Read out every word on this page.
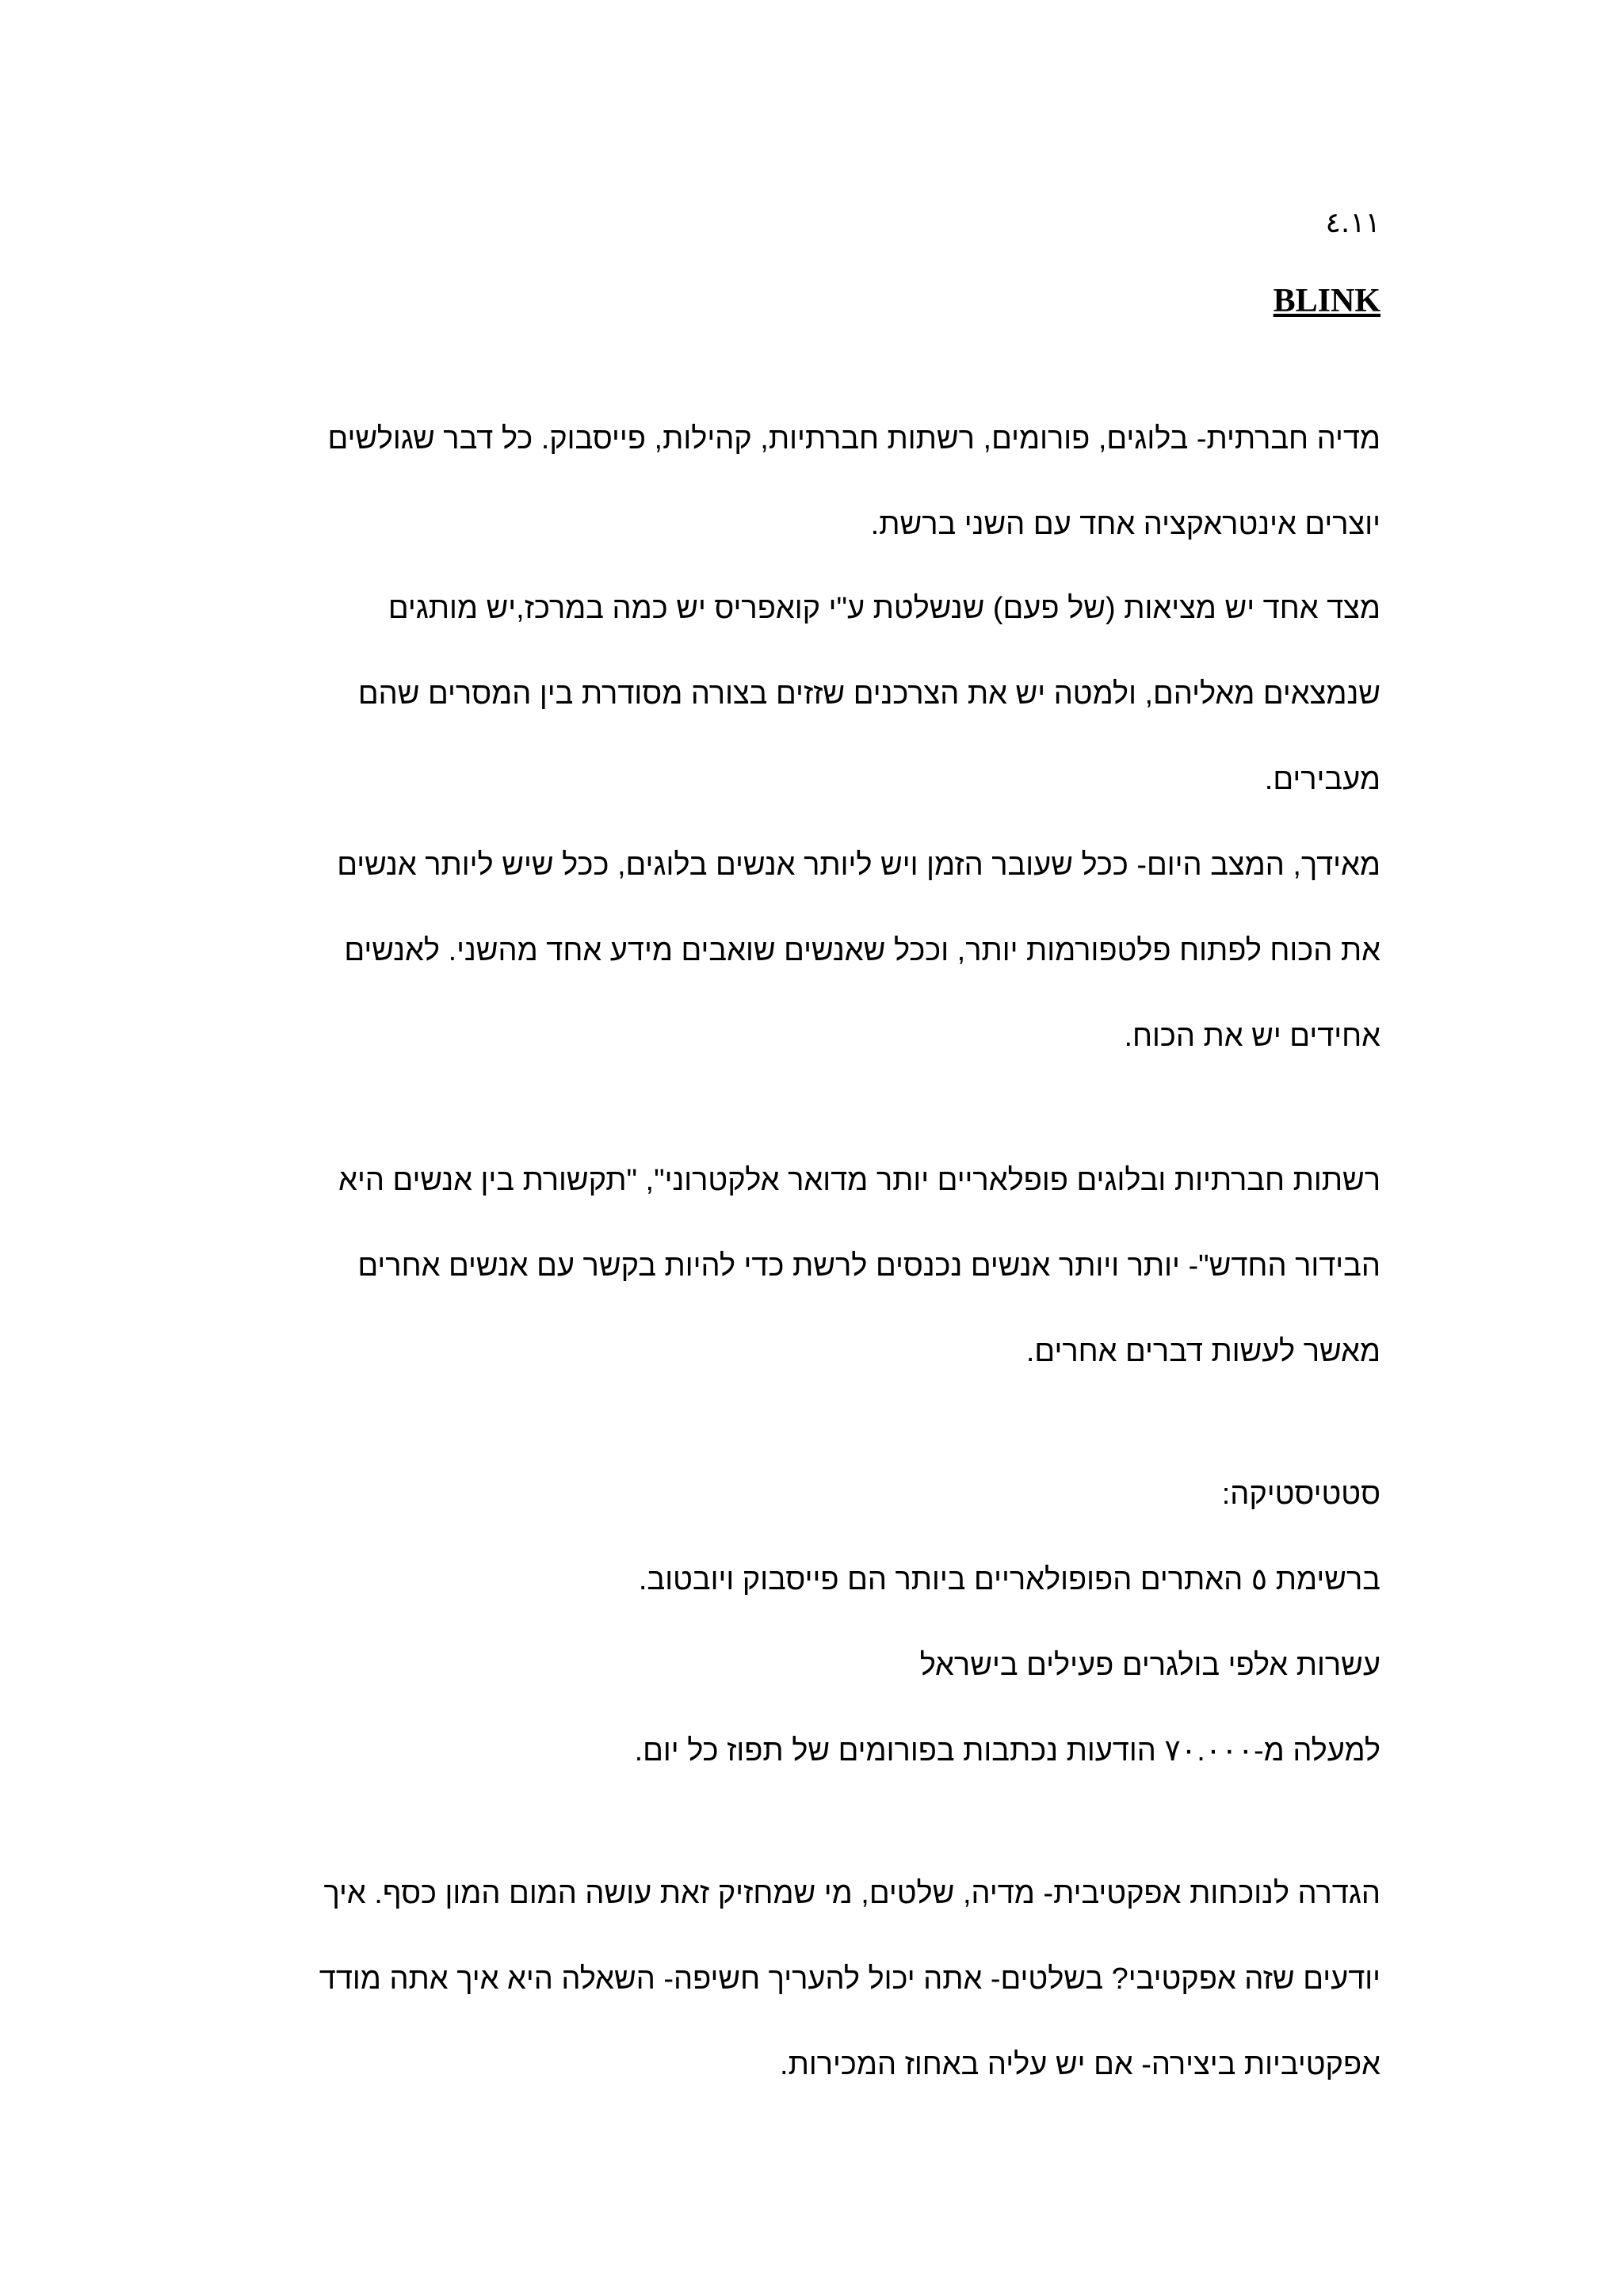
٤.١١
BLINK
מדיה חברתית- בלוגים, פורומים, רשתות חברתיות, קהילות, פייסבוק. כל דבר שגולשים
יוצרים אינטראקציה אחד עם השני ברשת.
מצד אחד יש מציאות (של פעם) שנשלטת ע"י קואפריס יש כמה במרכז,יש מותגים
שנמצאים מאליהם, ולמטה יש את הצרכנים שזזים בצורה מסודרת בין המסרים שהם
מעבירים.
מאידך, המצב היום- ככל שעובר הזמן ויש ליותר אנשים בלוגים, ככל שיש ליותר אנשים
את הכוח לפתוח פלטפורמות יותר, וככל שאנשים שואבים מידע אחד מהשני. לאנשים
אחידים יש את הכוח.
רשתות חברתיות ובלוגים פופלאריים יותר מדואר אלקטרוני", "תקשורת בין אנשים היא
הבידור החדש"- יותר ויותר אנשים נכנסים לרשת כדי להיות בקשר עם אנשים אחרים
מאשר לעשות דברים אחרים.
סטטיסטיקה:
ברשימת ٥ האתרים הפופולאריים ביותר הם פייסבוק ויובטוב.
עשרות אלפי בולגרים פעילים בישראל
למעלה מ-٧٠.٠٠٠ הודעות נכתבות בפורומים של תפוז כל יום.
הגדרה לנוכחות אפקטיבית- מדיה, שלטים, מי שמחזיק זאת עושה המום המון כסף. איך
יודעים שזה אפקטיבי? בשלטים- אתה יכול להעריך חשיפה- השאלה היא איך אתה מודד
אפקטיביות ביצירה- אם יש עליה באחוז המכירות.
